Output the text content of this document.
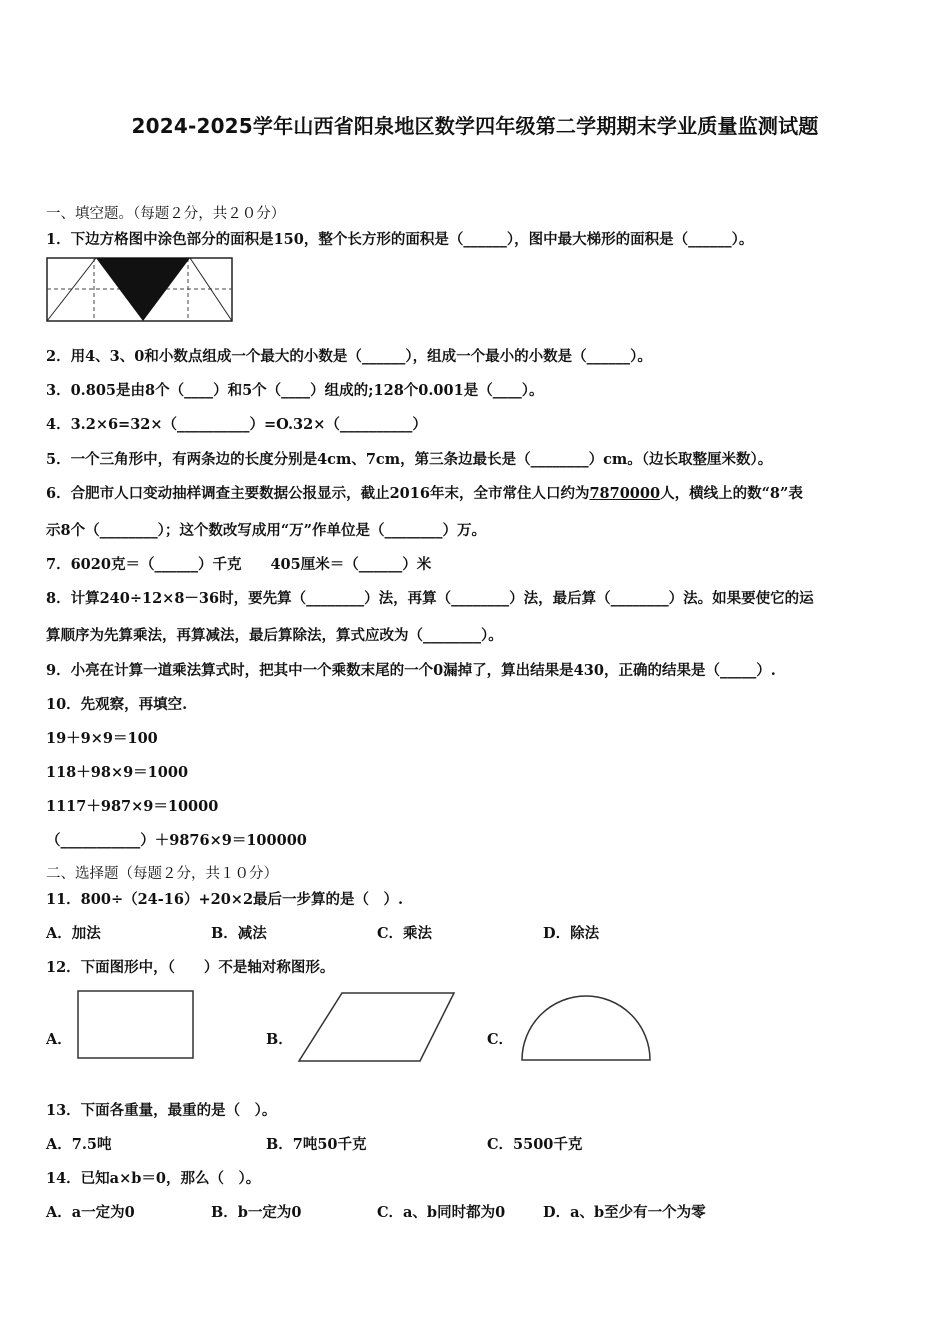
2024-2025学年山西省阳泉地区数学四年级第二学期期末学业质量监测试题
一、填空题。（每题２分，共２０分）
1．下边方格图中涂色部分的面积是150，整个长方形的面积是（______），图中最大梯形的面积是（______）。
2．用4、3、0和小数点组成一个最大的小数是（______），组成一个最小的小数是（______）。
3．0.805是由8个（____）和5个（____）组成的;128个0.001是（____）。
4．3.2×6=32×（__________）=O.32×（__________）
5．一个三角形中，有两条边的长度分别是4cm、7cm，第三条边最长是（________）cm。（边长取整厘米数）。
6．合肥市人口变动抽样调查主要数据公报显示，截止2016年末，全市常住人口约为7870000人，横线上的数“8”表
示8个（________）；这个数改写成用“万”作单位是（________）万。
7．6020克＝（______）千克　　405厘米＝（______）米
8．计算240÷12×8－36时，要先算（________）法，再算（________）法，最后算（________）法。如果要使它的运
算顺序为先算乘法，再算减法，最后算除法，算式应改为（________）。
9．小亮在计算一道乘法算式时，把其中一个乘数末尾的一个0漏掉了，算出结果是430，正确的结果是（_____）.
10．先观察，再填空.
19＋9×9＝100
118＋98×9＝1000
1117＋987×9＝10000
（___________）＋9876×9＝100000
二、选择题（每题２分，共１０分）
11．800÷（24-16）+20×2最后一步算的是（　）.
A．加法	B．减法	C．乘法	D．除法
12．下面图形中，（　　）不是轴对称图形。
A．	B．	C．
13．下面各重量，最重的是（　）。
A．7.5吨	B．7吨50千克	C．5500千克
14．已知a×b＝0，那么（　）。
A．a一定为0	B．b一定为0	C．a、b同时都为0	D．a、b至少有一个为零
